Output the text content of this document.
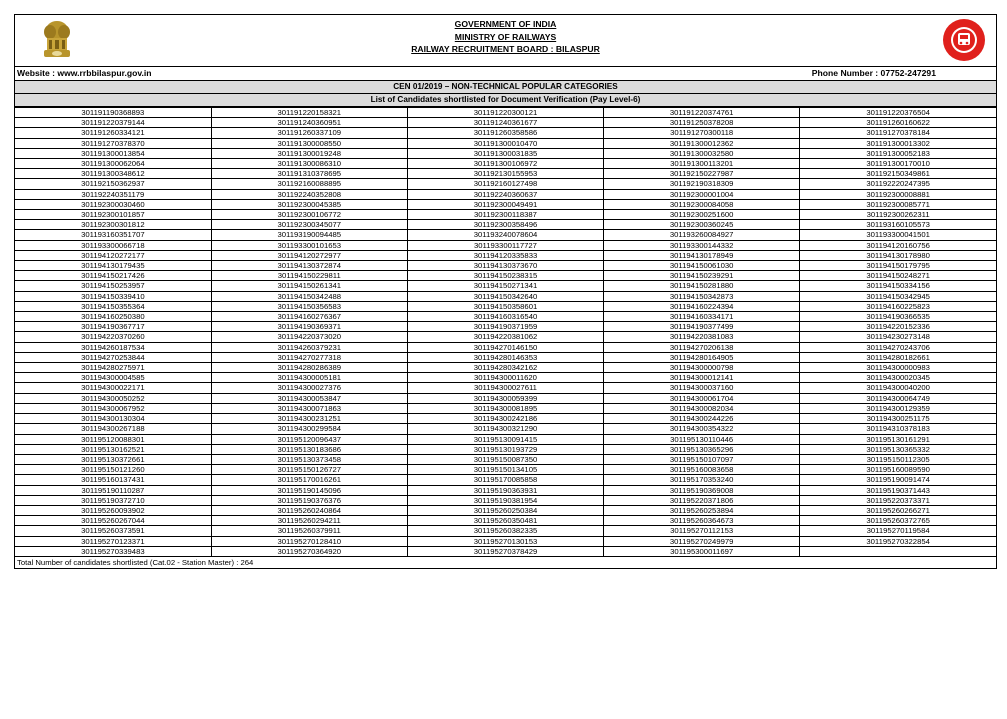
GOVERNMENT OF INDIA
MINISTRY OF RAILWAYS
RAILWAY RECRUITMENT BOARD : BILASPUR
Website : www.rrbbilaspur.gov.in	Phone Number : 07752-247291
CEN 01/2019 – NON-TECHNICAL POPULAR CATEGORIES
List of Candidates shortlisted for Document Verification (Pay Level-6)
301191190368893	301191220158321	301191220300121	301191220374761	301191220376504
301191220379144	301191240360951	301191240361677	301191250378208	301191260160622
301191260334121	301191260337109	301191260358586	301191270300118	301191270378184
301191270378370	301191300008550	301191300010470	301191300012362	301191300013302
301191300013854	301191300019248	301191300031835	301191300032580	301191300052183
301191300062064	301191300086310	301191300106972	301191300113201	301191300170010
301191300348612	301191310378695	301192130155953	301192150227987	301192150349861
301192150362937	301192160088895	301192160127498	301192190318309	301192220247395
301192240351179	301192240352808	301192240360637	301192300001004	301192300008881
301192300030460	301192300045385	301192300049491	301192300084058	301192300085771
301192300101857	301192300106772	301192300118387	301192300251600	301192300262311
301192300301812	301192300345077	301192300358496	301192300360245	301193160105573
301193160351707	301193190094485	301193240078604	301193260084927	301193300041501
301193300066718	301193300101653	301193300117727	301193300144332	301194120160756
301194120272177	301194120272977	301194120335833	301194130178949	301194130178980
301194130179435	301194130372874	301194130373670	301194150061030	301194150179795
301194150217426	301194150229811	301194150238315	301194150239291	301194150248271
301194150253957	301194150261341	301194150271341	301194150281880	301194150334156
301194150339410	301194150342488	301194150342640	301194150342873	301194150342945
301194150355364	301194150356583	301194150358601	301194160224394	301194160225823
301194160250380	301194160276367	301194160316540	301194160334171	301194190366535
301194190367717	301194190369371	301194190371959	301194190377499	301194220152336
301194220370260	301194220373020	301194220381062	301194220381083	301194230273148
301194260187534	301194260379231	301194270146150	301194270206138	301194270243706
301194270253844	301194270277318	301194280146353	301194280164905	301194280182661
301194280275971	301194280286389	301194280342162	301194300000798	301194300000983
301194300004585	301194300005181	301194300011620	301194300012141	301194300020345
301194300022171	301194300027376	301194300027611	301194300037160	301194300040200
301194300050252	301194300053847	301194300059399	301194300061704	301194300064749
301194300067952	301194300071863	301194300081895	301194300082034	301194300129359
301194300130304	301194300231251	301194300242186	301194300244226	301194300251175
301194300267188	301194300299584	301194300321290	301194300354322	301194310378183
301195120088301	301195120096437	301195130091415	301195130110446	301195130161291
301195130162521	301195130183686	301195130193729	301195130365296	301195130365332
301195130372661	301195130373458	301195150087350	301195150107097	301195150112305
301195150121260	301195150126727	301195150134105	301195160083658	301195160089590
301195160137431	301195170016261	301195170085858	301195170353240	301195190091474
301195190110287	301195190145096	301195190363931	301195190369008	301195190371443
301195190372710	301195190376376	301195190381954	301195220371806	301195220373371
301195260093902	301195260240864	301195260250384	301195260253894	301195260266271
301195260267044	301195260294211	301195260350481	301195260364673	301195260372765
301195260373591	301195260379911	301195260382335	301195270112153	301195270119584
301195270123371	301195270128410	301195270130153	301195270249979	301195270322854
301195270339483	301195270364920	301195270378429	301195300011697	
Total Number of candidates shortlisted (Cat.02 - Station Master) : 264
